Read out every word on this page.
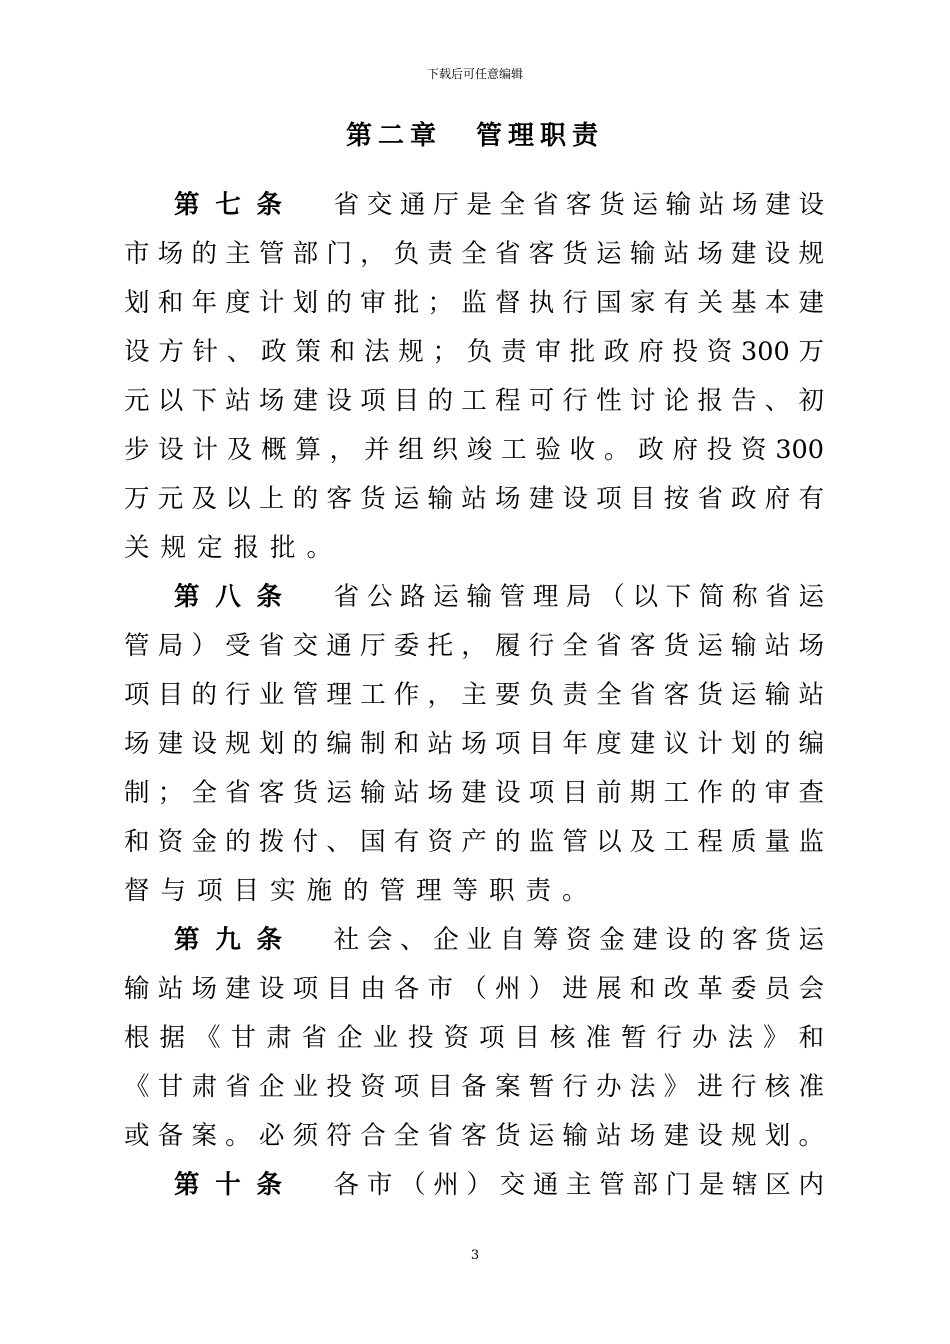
下载后可任意编辑
第二章 管理职责
第七条 省交通厅是全省客货运输站场建设
市场的主管部门，负责全省客货运输站场建设规
划和年度计划的审批；监督执行国家有关基本建
设方针、政策和法规；负责审批政府投资300万
元以下站场建设项目的工程可行性讨论报告、初
步设计及概算，并组织竣工验收。政府投资300
万元及以上的客货运输站场建设项目按省政府有
关规定报批。
第八条 省公路运输管理局（以下简称省运
管局）受省交通厅委托，履行全省客货运输站场
项目的行业管理工作，主要负责全省客货运输站
场建设规划的编制和站场项目年度建议计划的编
制；全省客货运输站场建设项目前期工作的审查
和资金的拨付、国有资产的监管以及工程质量监
督与项目实施的管理等职责。
第九条 社会、企业自筹资金建设的客货运
输站场建设项目由各市（州）进展和改革委员会
根据《甘肃省企业投资项目核准暂行办法》和
《甘肃省企业投资项目备案暂行办法》进行核准
或备案。必须符合全省客货运输站场建设规划。
第十条 各市（州）交通主管部门是辖区内
3
